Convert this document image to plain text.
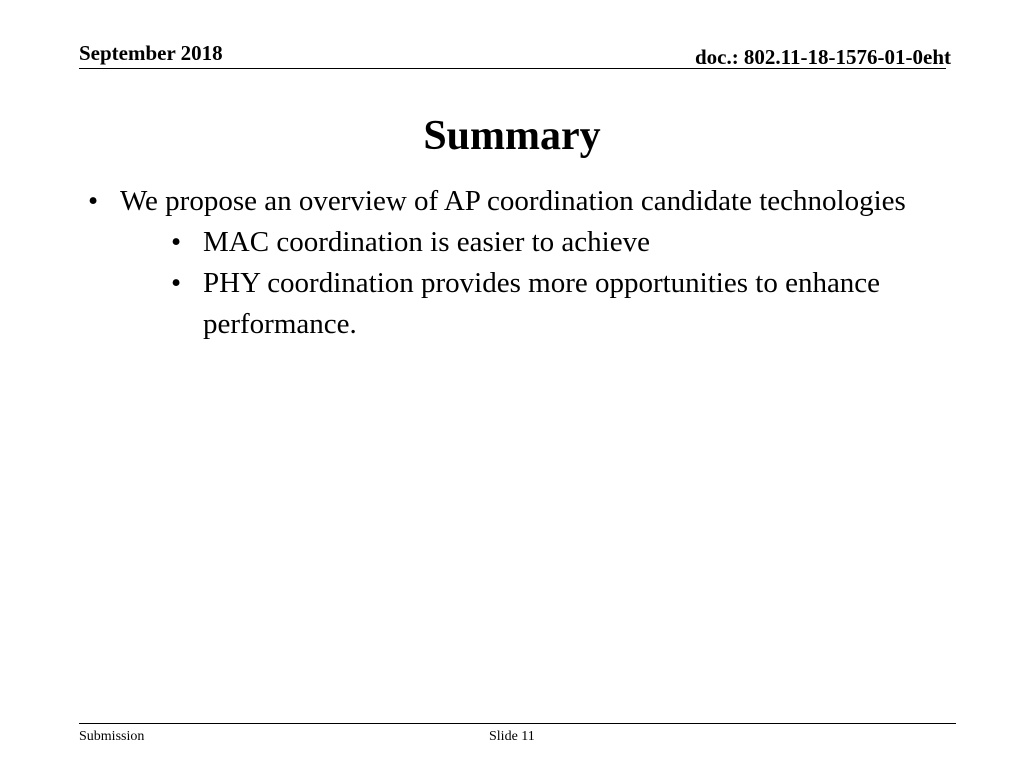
September 2018	doc.: 802.11-18-1576-01-0eht
Summary
• We propose an overview of AP coordination candidate technologies
• MAC coordination is easier to achieve
• PHY coordination provides more opportunities to enhance performance.
Submission	Slide 11
